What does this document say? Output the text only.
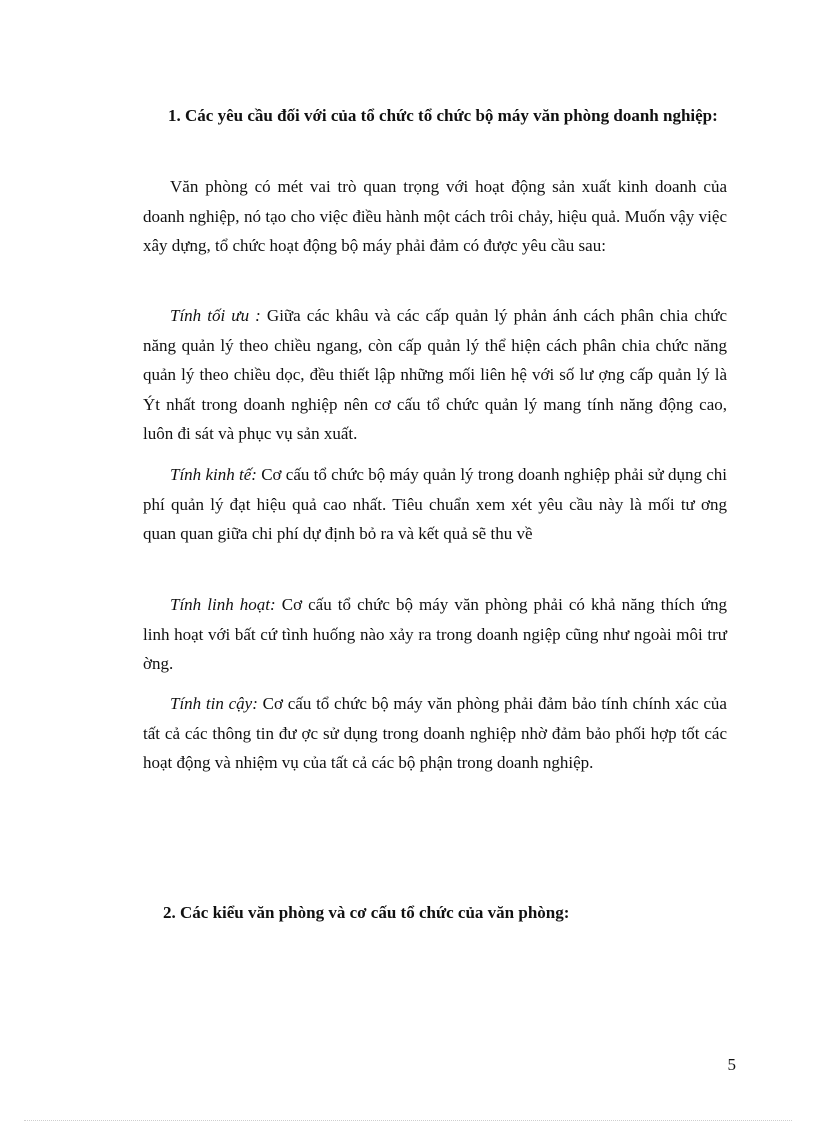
1. Các yêu cầu đối với của tổ chức tổ chức bộ máy văn phòng doanh nghiệp:

Văn phòng có mét vai trò quan trọng với hoạt động sản xuất kinh doanh của doanh nghiệp, nó tạo cho việc điều hành một cách trôi chảy, hiệu quả. Muốn vậy việc xây dựng, tổ chức hoạt động bộ máy phải đảm có được yêu cầu sau:

Tính tối ưu : Giữa các khâu và các cấp quản lý phản ánh cách phân chia chức năng quản lý theo chiều ngang, còn cấp quản lý thể hiện cách phân chia chức năng quản lý theo chiều dọc, đều thiết lập những mối liên hệ với số lư ợng cấp quản lý là Ýt nhất trong doanh nghiệp nên cơ cấu tổ chức quản lý mang tính năng động cao, luôn đi sát và phục vụ sản xuất.

Tính kinh tế: Cơ cấu tổ chức bộ máy quản lý trong doanh nghiệp phải sử dụng chi phí quản lý đạt hiệu quả cao nhất. Tiêu chuẩn xem xét yêu cầu này là mối tư ơng quan quan giữa chi phí dự định bỏ ra và kết quả sẽ thu về

Tính linh hoạt: Cơ cấu tổ chức bộ máy văn phòng phải có khả năng thích ứng linh hoạt với bất cứ tình huống nào xảy ra trong doanh ngiệp cũng như ngoài môi trư ờng.

Tính tin cậy: Cơ cấu tổ chức bộ máy văn phòng phải đảm bảo tính chính xác của tất cả các thông tin đư ợc sử dụng trong doanh nghiệp nhờ đảm bảo phối hợp tốt các hoạt động và nhiệm vụ của tất cả các bộ phận trong doanh nghiệp.

2. Các kiểu văn phòng và cơ cấu tổ chức của văn phòng:
5
